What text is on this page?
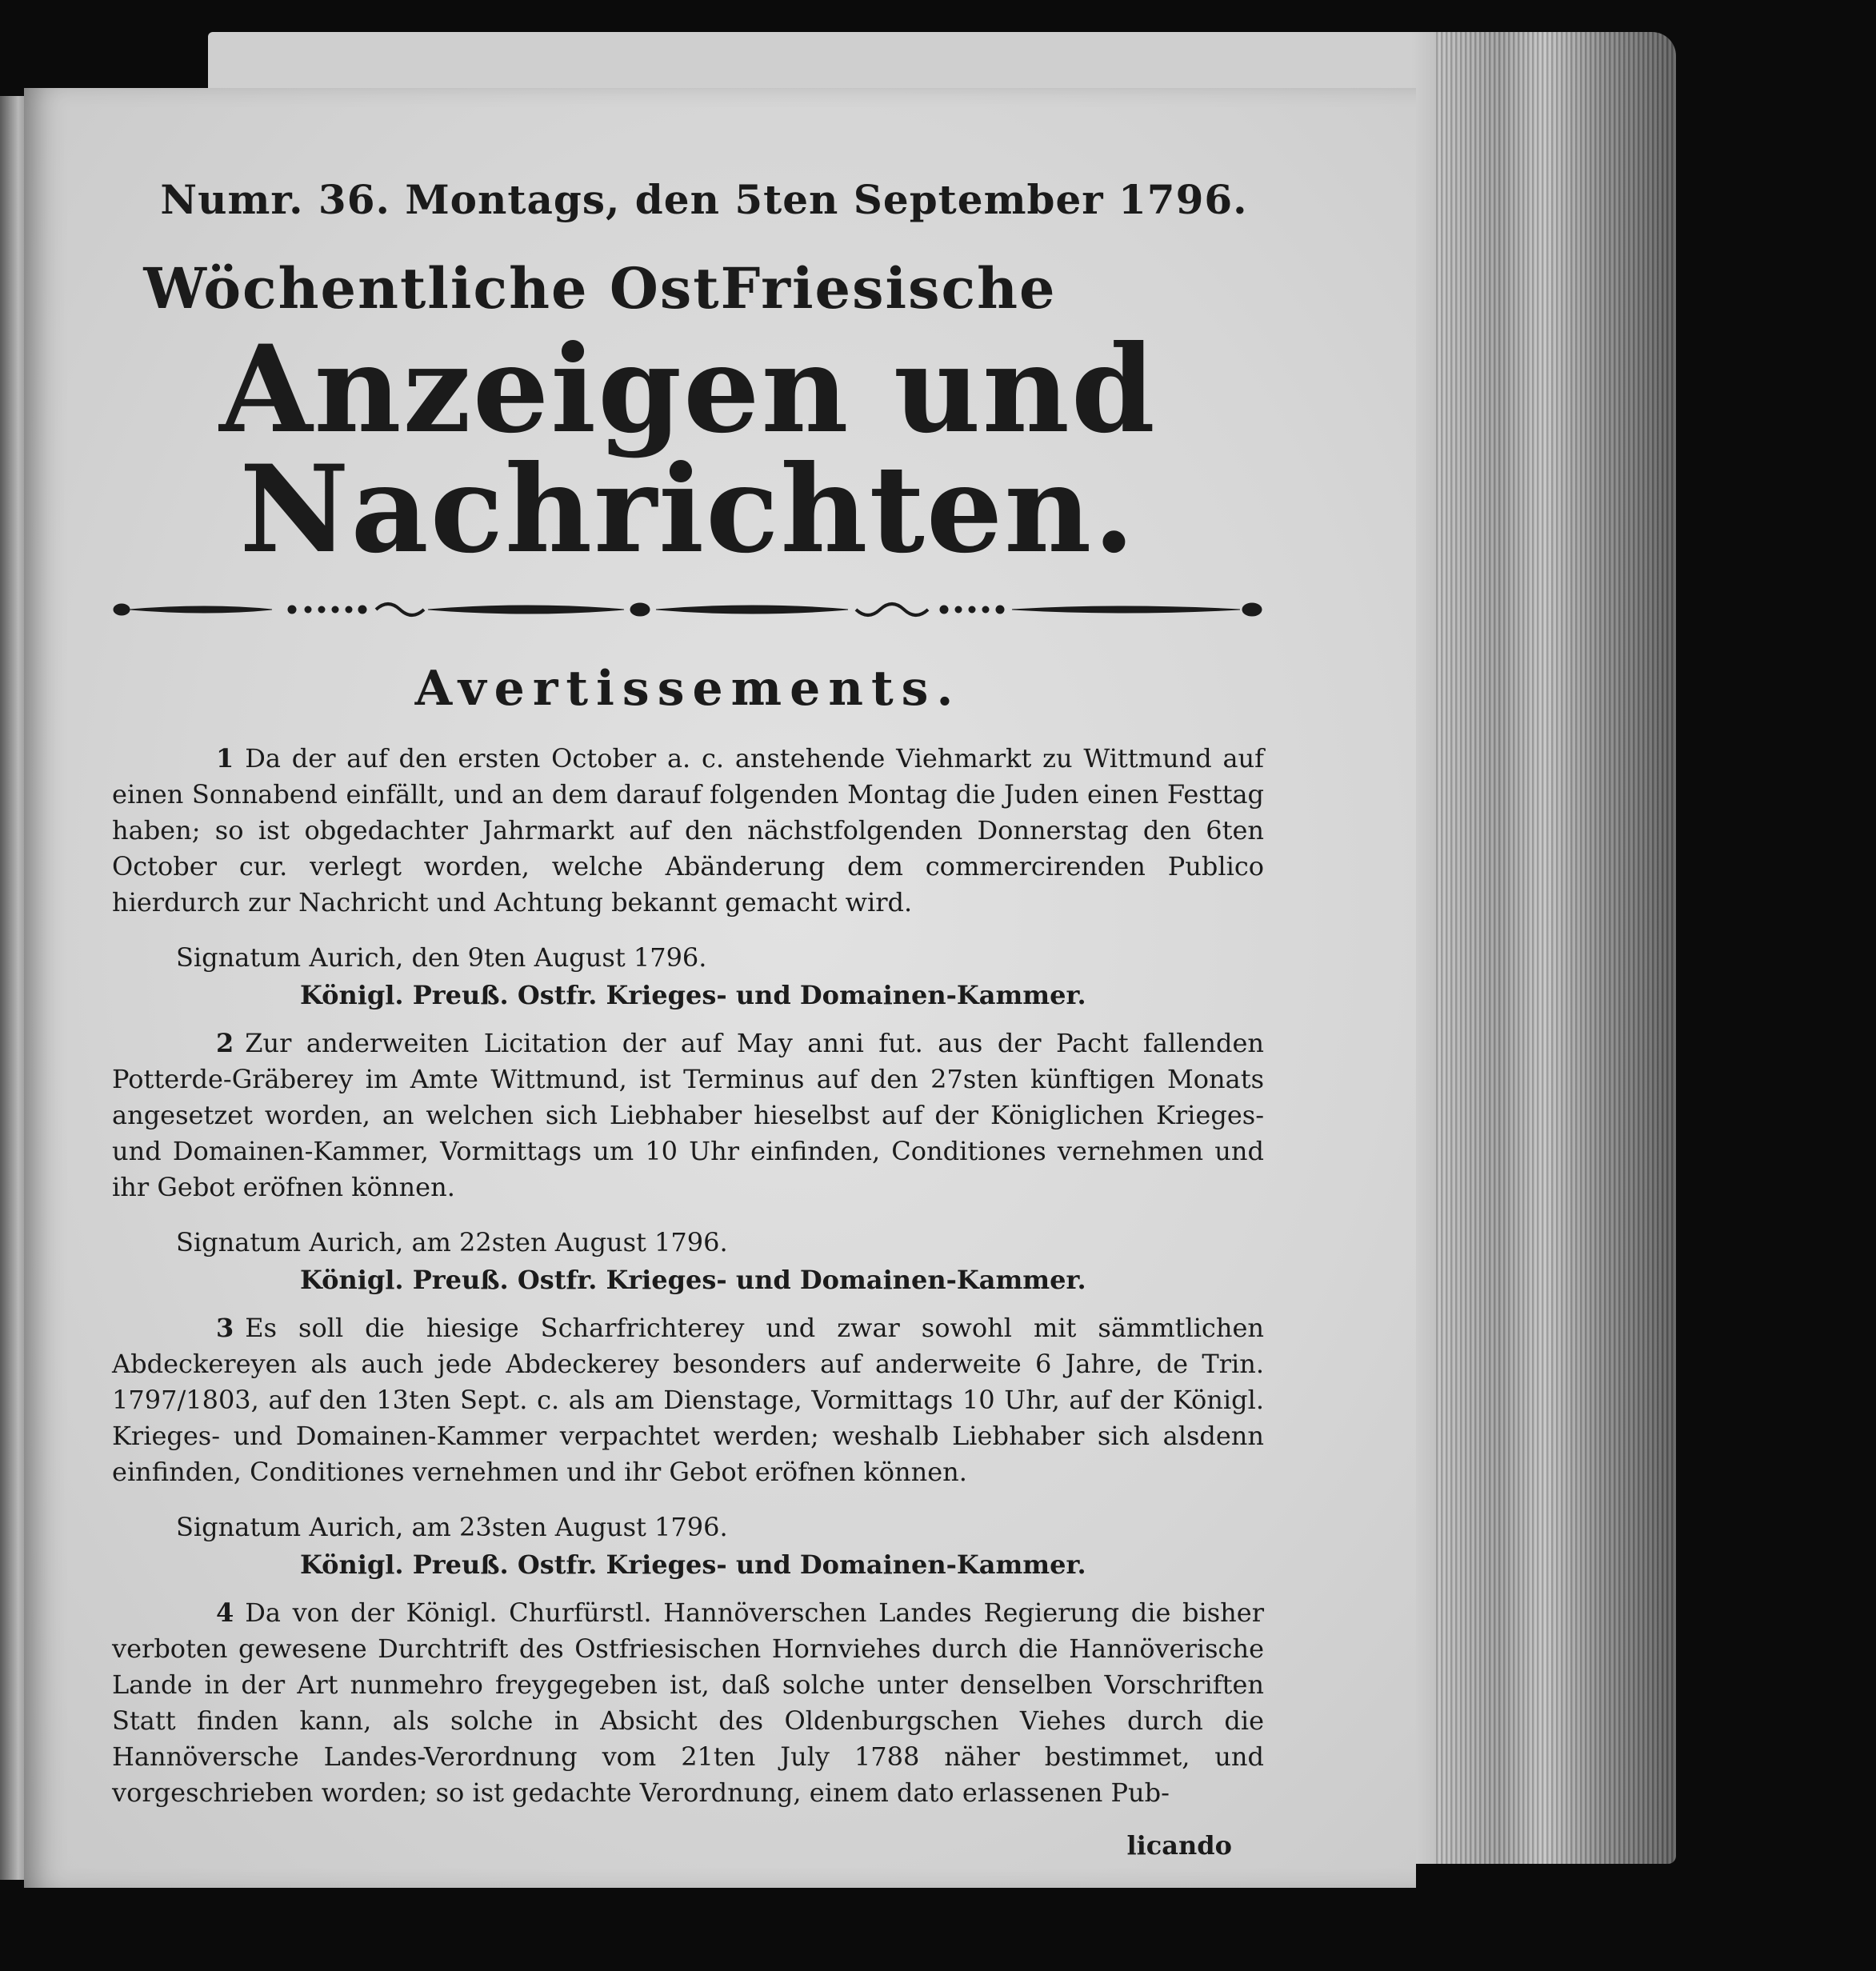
Numr. 36. Montags, den 5ten September 1796.
Wöchentliche OstFriesische
Anzeigen und Nachrichten.
Avertissements.
1 Da der auf den ersten October a. c. anstehende Viehmarkt zu Wittmund auf einen Sonnabend einfällt, und an dem darauf folgenden Montag die Juden einen Festtag haben; so ist obgedachter Jahrmarkt auf den nächstfolgenden Donnerstag den 6ten October cur. verlegt worden, welche Abänderung dem commercirenden Publico hierdurch zur Nachricht und Achtung bekannt gemacht wird.
Signatum Aurich, den 9ten August 1796.
Königl. Preuß. Ostfr. Krieges- und Domainen-Kammer.
2 Zur anderweiten Licitation der auf May anni fut. aus der Pacht fallenden Potterde-Gräberey im Amte Wittmund, ist Terminus auf den 27sten künftigen Monats angesetzet worden, an welchen sich Liebhaber hieselbst auf der Königlichen Krieges- und Domainen-Kammer, Vormittags um 10 Uhr einfinden, Conditiones vernehmen und ihr Gebot eröfnen können.
Signatum Aurich, am 22sten August 1796.
Königl. Preuß. Ostfr. Krieges- und Domainen-Kammer.
3 Es soll die hiesige Scharfrichterey und zwar sowohl mit sämmtlichen Abdeckereyen als auch jede Abdeckerey besonders auf anderweite 6 Jahre, de Trin. 1797/1803, auf den 13ten Sept. c. als am Dienstage, Vormittags 10 Uhr, auf der Königl. Krieges- und Domainen-Kammer verpachtet werden; weshalb Liebhaber sich alsdenn einfinden, Conditiones vernehmen und ihr Gebot eröfnen können.
Signatum Aurich, am 23sten August 1796.
Königl. Preuß. Ostfr. Krieges- und Domainen-Kammer.
4 Da von der Königl. Churfürstl. Hannöverschen Landes Regierung die bisher verboten gewesene Durchtrift des Ostfriesischen Hornviehes durch die Hannöverische Lande in der Art nunmehro freygegeben ist, daß solche unter denselben Vorschriften Statt finden kann, als solche in Absicht des Oldenburgschen Viehes durch die Hannöversche Landes-Verordnung vom 21ten July 1788 näher bestimmet, und vorgeschrieben worden; so ist gedachte Verordnung, einem dato erlassenen Pub-
licando
